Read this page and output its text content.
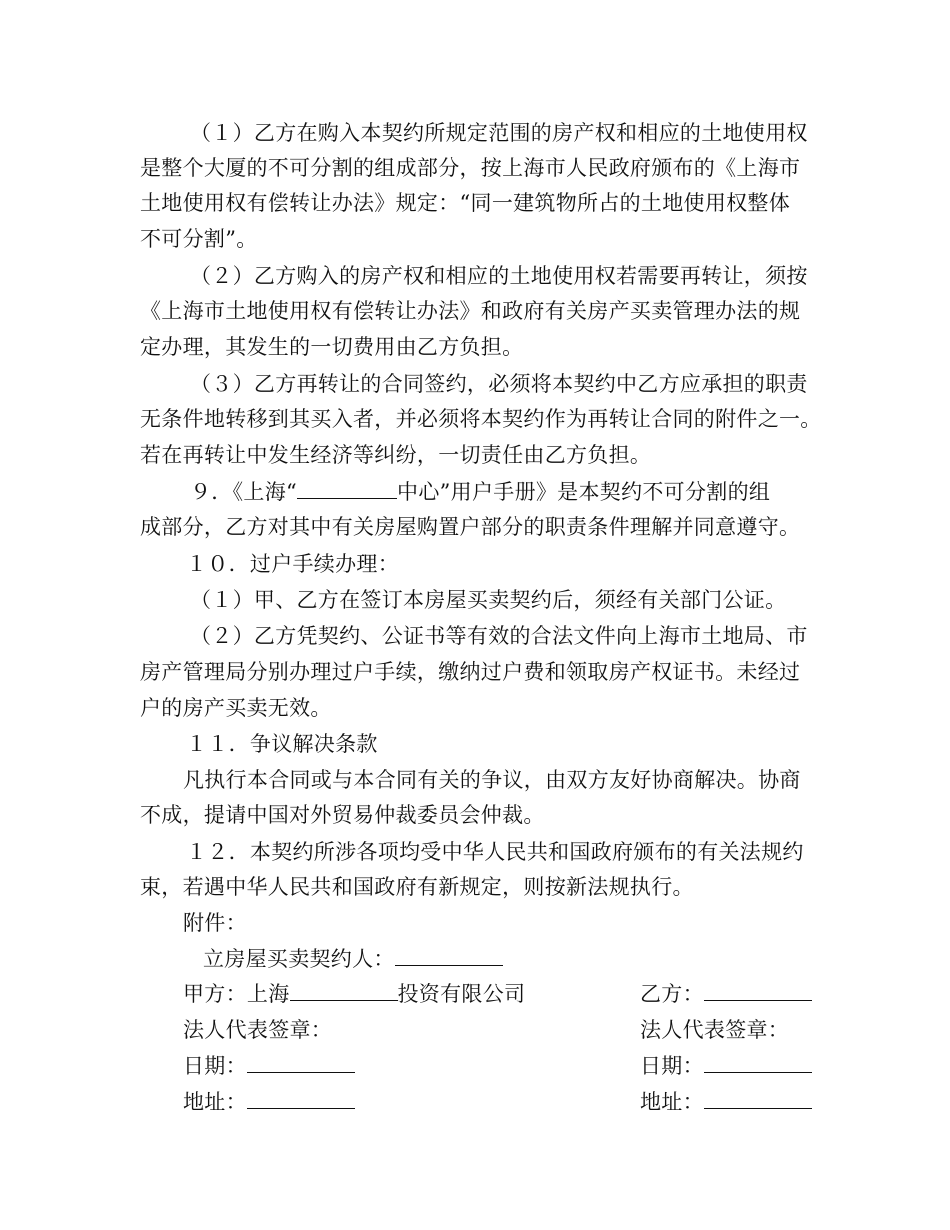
（１）乙方在购入本契约所规定范围的房产权和相应的土地使用权
是整个大厦的不可分割的组成部分，按上海市人民政府颁布的《上海市
土地使用权有偿转让办法》规定：“同一建筑物所占的土地使用权整体
不可分割”。
（２）乙方购入的房产权和相应的土地使用权若需要再转让，须按
《上海市土地使用权有偿转让办法》和政府有关房产买卖管理办法的规
定办理，其发生的一切费用由乙方负担。
（３）乙方再转让的合同签约，必须将本契约中乙方应承担的职责
无条件地转移到其买入者，并必须将本契约作为再转让合同的附件之一。
若在再转让中发生经济等纠纷，一切责任由乙方负担。
９．《上海“	中心”用户手册》是本契约不可分割的组
成部分，乙方对其中有关房屋购置户部分的职责条件理解并同意遵守。
１０．过户手续办理：
（１）甲、乙方在签订本房屋买卖契约后，须经有关部门公证。
（２）乙方凭契约、公证书等有效的合法文件向上海市土地局、市
房产管理局分别办理过户手续，缴纳过户费和领取房产权证书。未经过
户的房产买卖无效。
１１．争议解决条款
凡执行本合同或与本合同有关的争议，由双方友好协商解决。协商
不成，提请中国对外贸易仲裁委员会仲裁。
１２．本契约所涉各项均受中华人民共和国政府颁布的有关法规约
束，若遇中华人民共和国政府有新规定，则按新法规执行。
附件：
立房屋买卖契约人：
甲方：上海	投资有限公司	乙方：
法人代表签章：	法人代表签章：
日期：	日期：
地址：	地址：
